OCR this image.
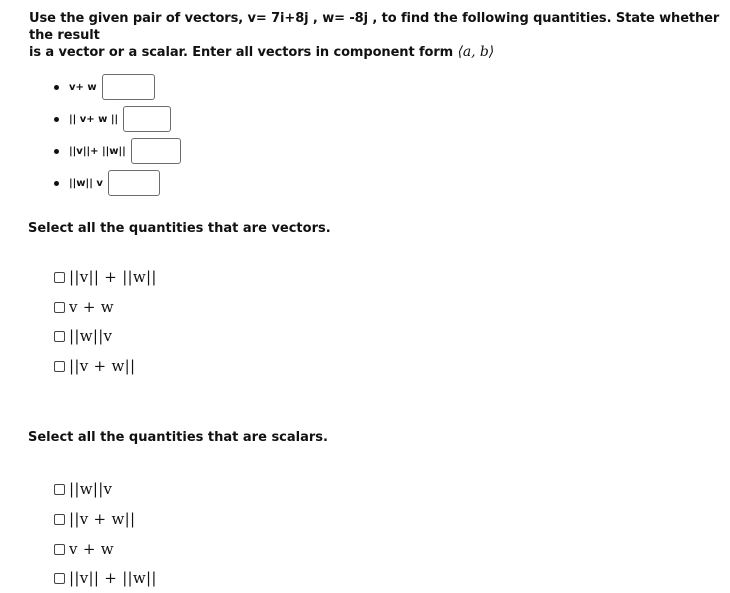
Use the given pair of vectors, v= 7i+8j , w= -8j , to find the following quantities. State whether the result
is a vector or a scalar. Enter all vectors in component form ⟨a, b⟩
v+ w
|| v+ w ||
||v||+ ||w||
||w|| v
Select all the quantities that are vectors.
||v|| + ||w||
v + w
||w||v
||v + w||
Select all the quantities that are scalars.
||w||v
||v + w||
v + w
||v|| + ||w||
